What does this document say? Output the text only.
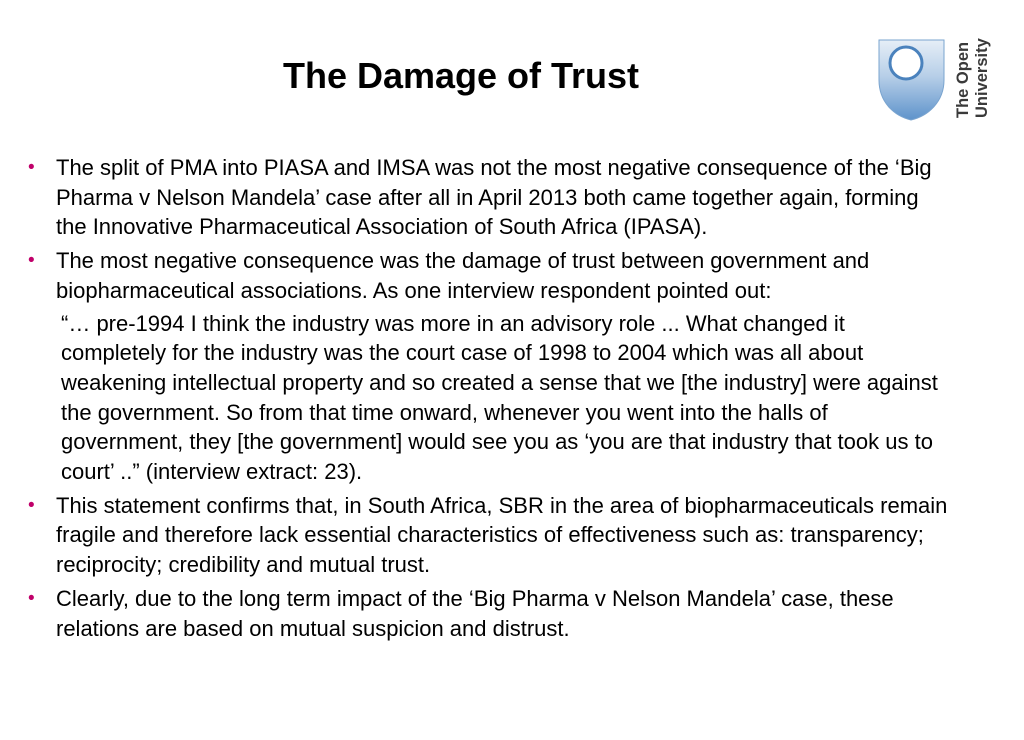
The Damage of Trust	The Open University
• The split of PMA into PIASA and IMSA was not the most negative consequence of the ‘Big Pharma v Nelson Mandela’ case after all in April 2013 both came together again, forming the Innovative Pharmaceutical Association of South Africa (IPASA).
• The most negative consequence was the damage of trust between government and biopharmaceutical associations. As one interview respondent pointed out:
“… pre-1994 I think the industry was more in an advisory role ... What changed it completely for the industry was the court case of 1998 to 2004 which was all about weakening intellectual property and so created a sense that we [the industry] were against the government. So from that time onward, whenever you went into the halls of government, they [the government] would see you as ‘you are that industry that took us to court’ ..” (interview extract: 23).
• This statement confirms that, in South Africa, SBR in the area of biopharmaceuticals remain fragile and therefore lack essential characteristics of effectiveness such as: transparency; reciprocity; credibility and mutual trust.
• Clearly, due to the long term impact of the ‘Big Pharma v Nelson Mandela’ case, these relations are based on mutual suspicion and distrust.
